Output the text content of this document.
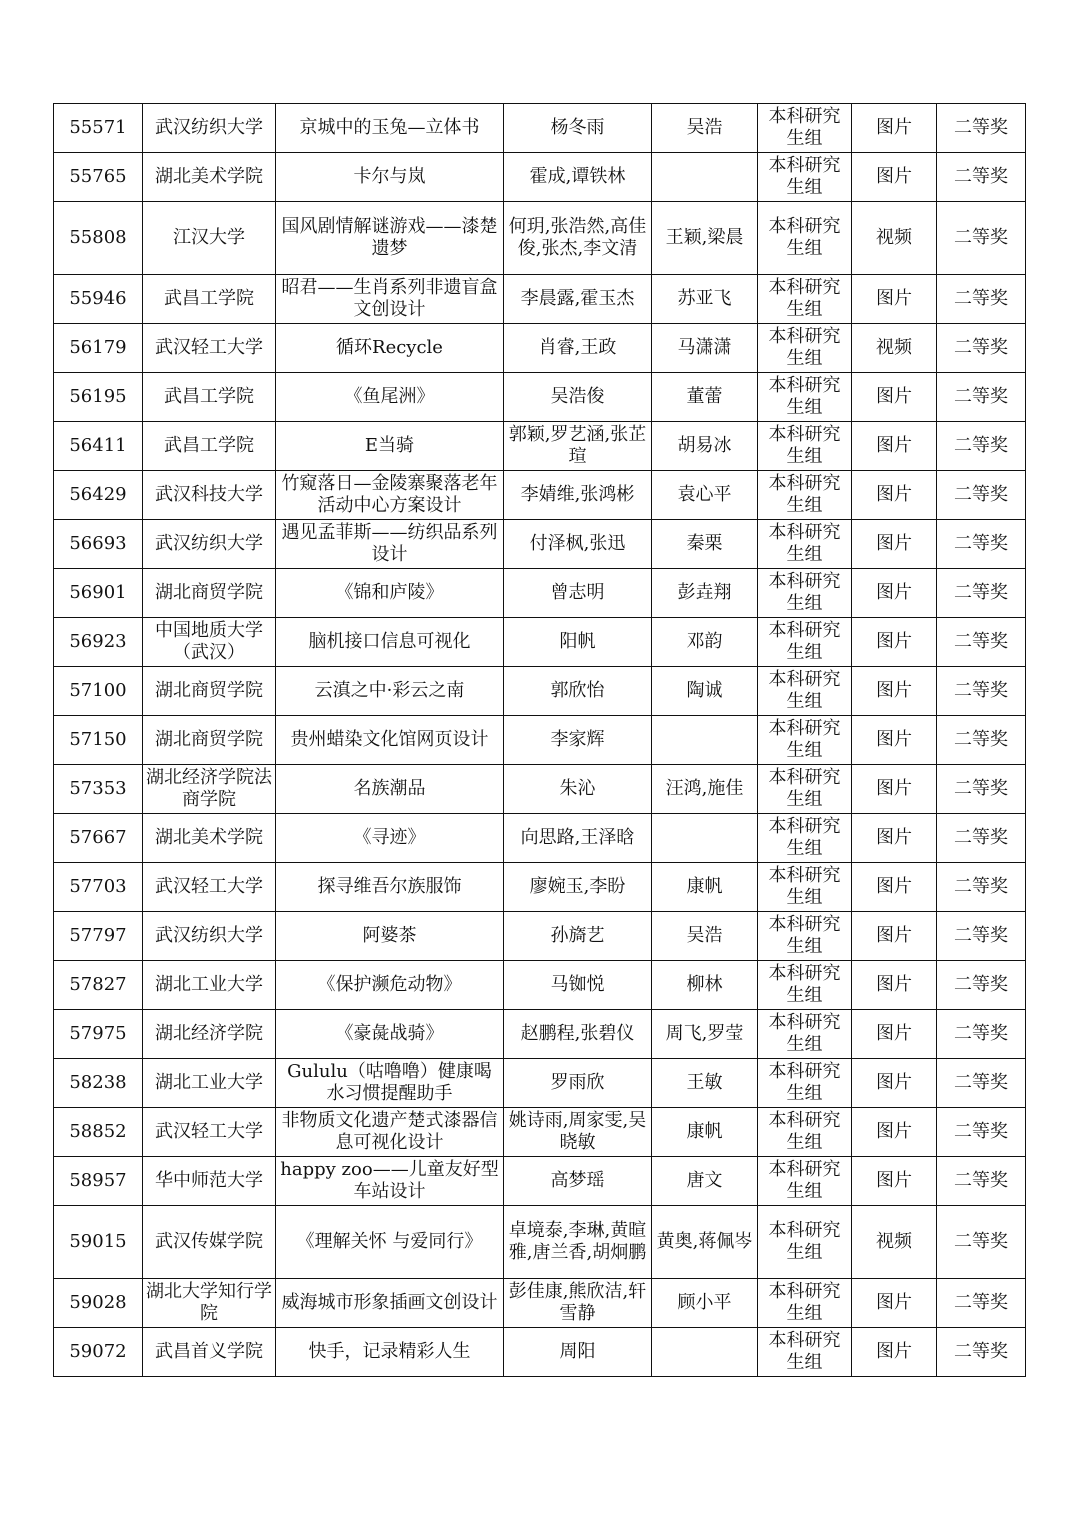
55571	武汉纺织大学	京城中的玉兔—立体书	杨冬雨	吴浩	本科研究生组	图片	二等奖
55765	湖北美术学院	卡尔与岚	霍成,谭铁林		本科研究生组	图片	二等奖
55808	江汉大学	国风剧情解谜游戏——漆楚遗梦	何玥,张浩然,高佳俊,张杰,李文清	王颖,梁晨	本科研究生组	视频	二等奖
55946	武昌工学院	昭君——生肖系列非遗盲盒文创设计	李晨露,霍玉杰	苏亚飞	本科研究生组	图片	二等奖
56179	武汉轻工大学	循环Recycle	肖睿,王政	马潇潇	本科研究生组	视频	二等奖
56195	武昌工学院	《鱼尾洲》	吴浩俊	董蕾	本科研究生组	图片	二等奖
56411	武昌工学院	E当骑	郭颖,罗艺涵,张芷瑄	胡易冰	本科研究生组	图片	二等奖
56429	武汉科技大学	竹窥落日—金陵寨聚落老年活动中心方案设计	李婧维,张鸿彬	袁心平	本科研究生组	图片	二等奖
56693	武汉纺织大学	遇见孟菲斯——纺织品系列设计	付泽枫,张迅	秦栗	本科研究生组	图片	二等奖
56901	湖北商贸学院	《锦和庐陵》	曾志明	彭垚翔	本科研究生组	图片	二等奖
56923	中国地质大学（武汉）	脑机接口信息可视化	阳帆	邓韵	本科研究生组	图片	二等奖
57100	湖北商贸学院	云滇之中·彩云之南	郭欣怡	陶诚	本科研究生组	图片	二等奖
57150	湖北商贸学院	贵州蜡染文化馆网页设计	李家辉		本科研究生组	图片	二等奖
57353	湖北经济学院法商学院	名族潮品	朱沁	汪鸿,施佳	本科研究生组	图片	二等奖
57667	湖北美术学院	《寻迹》	向思路,王泽晗		本科研究生组	图片	二等奖
57703	武汉轻工大学	探寻维吾尔族服饰	廖婉玉,李盼	康帆	本科研究生组	图片	二等奖
57797	武汉纺织大学	阿婆茶	孙旖艺	吴浩	本科研究生组	图片	二等奖
57827	湖北工业大学	《保护濒危动物》	马铷悦	柳林	本科研究生组	图片	二等奖
57975	湖北经济学院	《豪彘战骑》	赵鹏程,张碧仪	周飞,罗莹	本科研究生组	图片	二等奖
58238	湖北工业大学	Gululu（咕噜噜）健康喝水习惯提醒助手	罗雨欣	王敏	本科研究生组	图片	二等奖
58852	武汉轻工大学	非物质文化遗产楚式漆器信息可视化设计	姚诗雨,周家雯,吴晓敏	康帆	本科研究生组	图片	二等奖
58957	华中师范大学	happy zoo——儿童友好型车站设计	高梦瑶	唐文	本科研究生组	图片	二等奖
59015	武汉传媒学院	《理解关怀 与爱同行》	卓境泰,李琳,黄暄雅,唐兰香,胡炯鹏	黄奥,蒋佩岑	本科研究生组	视频	二等奖
59028	湖北大学知行学院	威海城市形象插画文创设计	彭佳康,熊欣洁,轩雪静	顾小平	本科研究生组	图片	二等奖
59072	武昌首义学院	快手，记录精彩人生	周阳		本科研究生组	图片	二等奖
